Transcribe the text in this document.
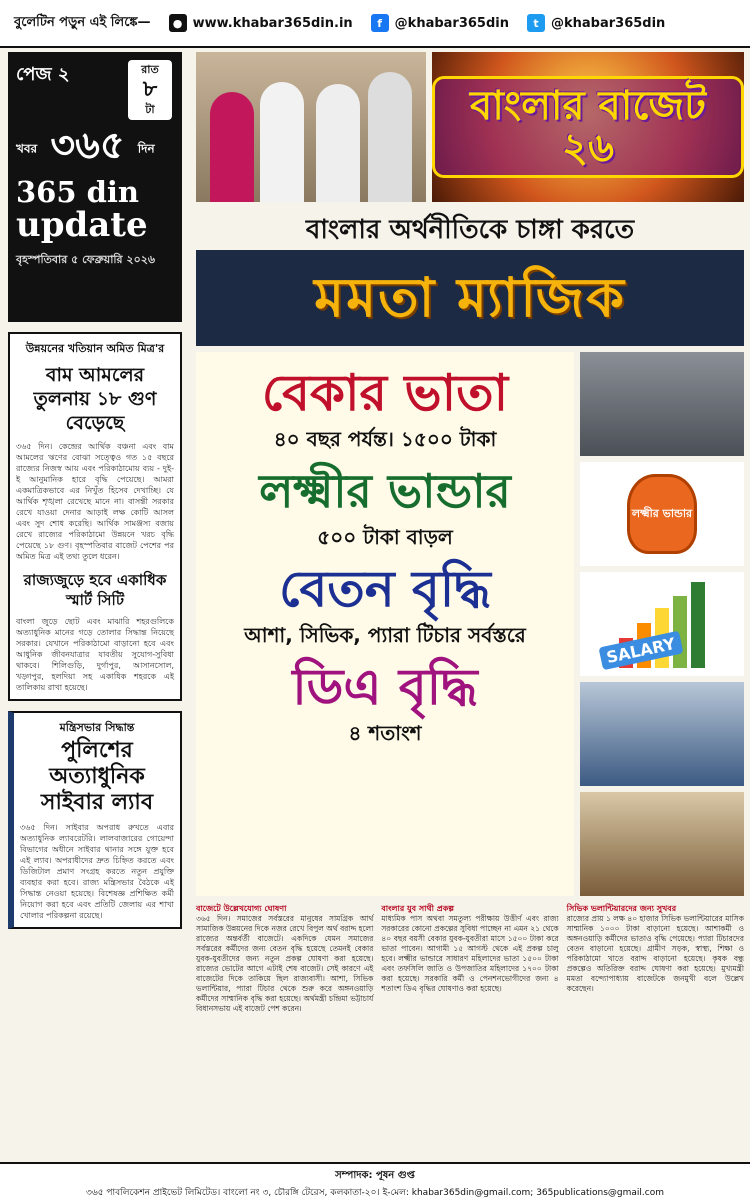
বুলেটিন পড়ুন এই লিঙ্কে—	● www.khabar365din.in	f @khabar365din	t @khabar365din
পেজ ২	রাত
৮
টা
খবর ৩৬৫ দিন
365 din
update
বৃহস্পতিবার ৫ ফেব্রুয়ারি ২০২৬
উন্নয়নের খতিয়ান অমিত মিত্র'র
বাম আমলের তুলনায় ১৮ গুণ বেড়েছে

৩৬৫ দিন। কেন্দ্রের আর্থিক বঞ্চনা এবং বাম আমলের ঋণের বোঝা সত্ত্বেও গত ১৫ বছরে রাজ্যের নিজস্ব আয় এবং পরিকাঠামোয় ব্যয় - দুই-ই আনুমানিক হারে বৃদ্ধি পেয়েছে। আমরা একমাত্রিকভাবে এর নিখুঁত হিসেব দেখাচ্ছি। যে আর্থিক শৃঙ্খলা রেখেছে মানে না। বাসন্তী সরকার রেখে যাওয়া দেনার আড়াই লক্ষ কোটি আসল এবং সুদ শোধ করেছি। আর্থিক সামঞ্জস্য বজায় রেখে রাজ্যের পরিকাঠামো উন্নয়নে খরচ বৃদ্ধি পেয়েছে ১৮ গুণ। বৃহস্পতিবার বাজেট পেশের পর অমিত মিত্র এই তথ্য তুলে ধরেন।

রাজ্যজুড়ে হবে একাধিক স্মার্ট সিটি

বাংলা জুড়ে ছোট এবং মাঝারি শহরগুলিকে অত্যাধুনিক মানের গড়ে তোলার সিদ্ধান্ত নিয়েছে সরকার। যেখানে পরিকাঠামো বাড়ানো হবে এবং আধুনিক জীবনযাত্রার যাবতীয় সুযোগ-সুবিধা থাকবে। শিলিগুড়ি, দুর্গাপুর, আসানসোল, খড়্গপুর, হলদিয়া সহ একাধিক শহরকে এই তালিকায় রাখা হয়েছে।

মন্ত্রিসভার সিদ্ধান্ত
পুলিশের অত্যাধুনিক সাইবার ল্যাব

৩৬৫ দিন। সাইবার অপরাধ রুখতে এবার অত্যাধুনিক ল্যাবরেটরি। লালবাজারের গোয়েন্দা বিভাগের অধীনে সাইবার থানার সঙ্গে যুক্ত হবে এই ল্যাব। অপরাধীদের দ্রুত চিহ্নিত করতে এবং ডিজিটাল প্রমাণ সংগ্রহ করতে নতুন প্রযুক্তি ব্যবহার করা হবে। রাজ্য মন্ত্রিসভার বৈঠকে এই সিদ্ধান্ত নেওয়া হয়েছে। বিশেষজ্ঞ প্রশিক্ষিত কর্মী নিয়োগ করা হবে এবং প্রতিটি জেলায় এর শাখা খোলার পরিকল্পনা রয়েছে।

বাংলার বাজেট ২৬
বাংলার অর্থনীতিকে চাঙ্গা করতে
মমতা ম্যাজিক
বেকার ভাতা
৪০ বছর পর্যন্ত। ১৫০০ টাকা
লক্ষ্মীর ভান্ডার
৫০০ টাকা বাড়ল
বেতন বৃদ্ধি
আশা, সিভিক, প্যারা টিচার সর্বস্তরে
ডিএ বৃদ্ধি
৪ শতাংশ
লক্ষ্মীর ভান্ডার
SALARY
বাজেটে উল্লেখযোগ্য ঘোষণা
৩৬৫ দিন। সমাজের সর্বস্তরের মানুষের সামগ্রিক আর্থ সামাজিক উন্নয়নের দিকে নজর রেখে বিপুল অর্থ বরাদ্দ হলো রাজ্যের অন্তর্বর্তী বাজেটে। একদিকে যেমন সমাজের সর্বস্তরের কর্মীদের জন্য বেতন বৃদ্ধি হয়েছে তেমনই বেকার যুবক-যুবতীদের জন্য নতুন প্রকল্প ঘোষণা করা হয়েছে। রাজ্যের ভোটের আগে এটাই শেষ বাজেট। সেই কারণে এই বাজেটের দিকে তাকিয়ে ছিল রাজ্যবাসী। আশা, সিভিক ভলান্টিয়ার, প্যারা টিচার থেকে শুরু করে অঙ্গনওয়াড়ি কর্মীদের সাম্মানিক বৃদ্ধি করা হয়েছে। অর্থমন্ত্রী চন্দ্রিমা ভট্টাচার্য বিধানসভায় এই বাজেট পেশ করেন।
বাংলার যুব সাথী প্রকল্প
মাধ্যমিক পাস অথবা সমতুল্য পরীক্ষায় উত্তীর্ণ এবং রাজ্য সরকারের কোনো প্রকল্পের সুবিধা পাচ্ছেন না এমন ২১ থেকে ৪০ বছর বয়সী বেকার যুবক-যুবতীরা মাসে ১৫০০ টাকা করে ভাতা পাবেন। আগামী ১৫ আগস্ট থেকে এই প্রকল্প চালু হবে। লক্ষ্মীর ভান্ডারে সাধারণ মহিলাদের ভাতা ১৫০০ টাকা এবং তফসিলি জাতি ও উপজাতির মহিলাদের ১৭০০ টাকা করা হয়েছে। সরকারি কর্মী ও পেনশনভোগীদের জন্য ৪ শতাংশ ডিএ বৃদ্ধির ঘোষণাও করা হয়েছে।
সিভিক ভলান্টিয়ারদের জন্য সুখবর
রাজ্যের প্রায় ১ লক্ষ ৪০ হাজার সিভিক ভলান্টিয়ারের মাসিক সাম্মানিক ১০০০ টাকা বাড়ানো হয়েছে। আশাকর্মী ও অঙ্গনওয়াড়ি কর্মীদের ভাতাও বৃদ্ধি পেয়েছে। প্যারা টিচারদের বেতন বাড়ানো হয়েছে। গ্রামীণ সড়ক, স্বাস্থ্য, শিক্ষা ও পরিকাঠামো খাতে বরাদ্দ বাড়ানো হয়েছে। কৃষক বন্ধু প্রকল্পেও অতিরিক্ত বরাদ্দ ঘোষণা করা হয়েছে। মুখ্যমন্ত্রী মমতা বন্দ্যোপাধ্যায় বাজেটকে জনমুখী বলে উল্লেখ করেছেন।
সম্পাদক: পূষন গুপ্ত
৩৬৫ পাবলিকেশন প্রাইভেট লিমিটেড। বাংলো নং ৩, চৌরঙ্গি টেরেস, কলকাতা-২০। ই-মেল: khabar365din@gmail.com; 365publications@gmail.com
